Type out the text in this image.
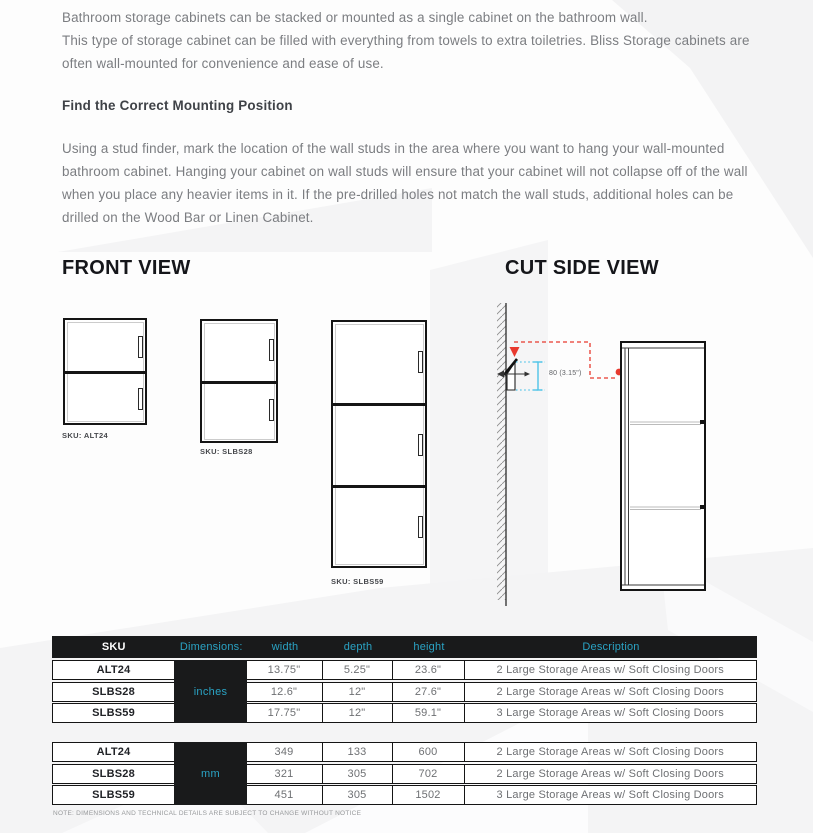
Bathroom storage cabinets can be stacked or mounted as a single cabinet on the bathroom wall.
This type of storage cabinet can be filled with everything from towels to extra toiletries. Bliss Storage cabinets are often wall-mounted for convenience and ease of use.
Find the Correct Mounting Position
Using a stud finder, mark the location of the wall studs in the area where you want to hang your wall-mounted bathroom cabinet. Hanging your cabinet on wall studs will ensure that your cabinet will not collapse off of the wall when you place any heavier items in it. If the pre-drilled holes not match the wall studs, additional holes can be drilled on the Wood Bar or Linen Cabinet.
FRONT VIEW	CUT SIDE VIEW
SKU: ALT24
SKU: SLBS28
SKU: SLBS59
80 (3.15")
SKU	Dimensions:	width	depth	height	Description
inches
ALT24	13.75"	5.25"	23.6"	2 Large Storage Areas w/ Soft Closing Doors
SLBS28	12.6"	12"	27.6"	2 Large Storage Areas w/ Soft Closing Doors
SLBS59	17.75"	12"	59.1"	3 Large Storage Areas w/ Soft Closing Doors
mm
ALT24	349	133	600	2 Large Storage Areas w/ Soft Closing Doors
SLBS28	321	305	702	2 Large Storage Areas w/ Soft Closing Doors
SLBS59	451	305	1502	3 Large Storage Areas w/ Soft Closing Doors
NOTE: DIMENSIONS AND TECHNICAL DETAILS ARE SUBJECT TO CHANGE WITHOUT NOTICE
